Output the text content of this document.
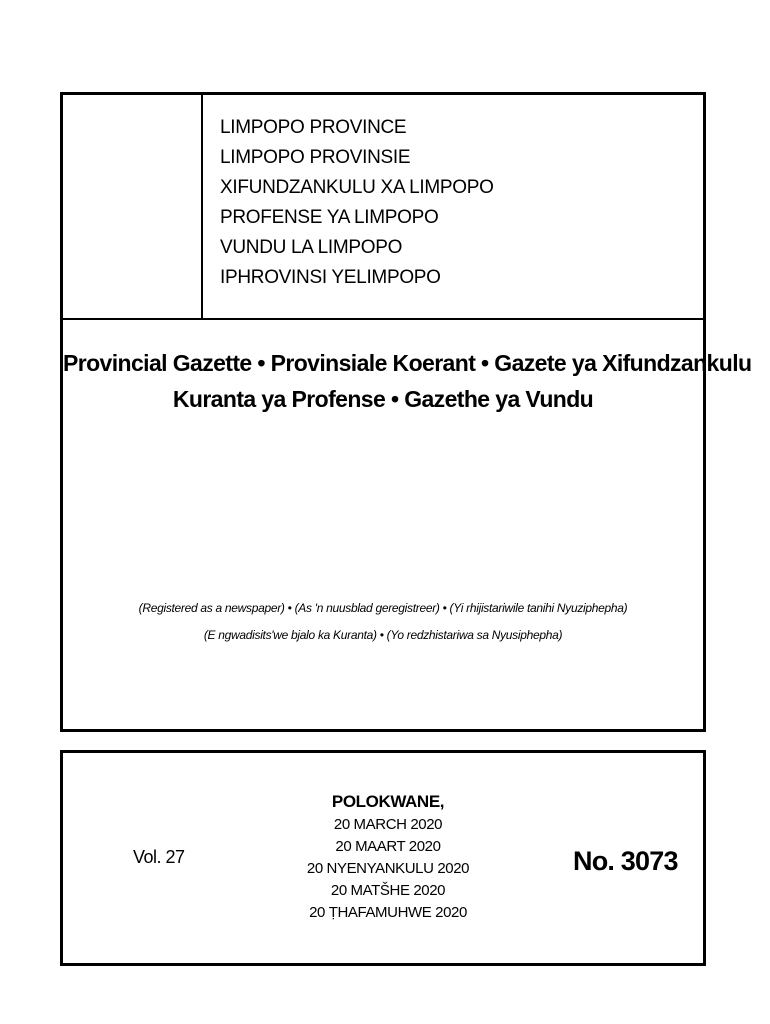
LIMPOPO PROVINCE
LIMPOPO PROVINSIE
XIFUNDZANKULU XA LIMPOPO
PROFENSE YA LIMPOPO
VUNDU LA LIMPOPO
IPHROVINSI YELIMPOPO
Provincial Gazette • Provinsiale Koerant • Gazete ya Xifundzankulu
Kuranta ya Profense • Gazethe ya Vundu
(Registered as a newspaper) • (As 'n nuusblad geregistreer) • (Yi rhijistariwile tanihi Nyuziphepha)
(E ngwadisits'we bjalo ka Kuranta) • (Yo redzhistariwa sa Nyusiphepha)
Vol. 27
POLOKWANE,
20 MARCH 2020
20 MAART 2020
20 NYENYANKULU 2020
20 MATŠHE 2020
20 ṬHAFAMUHWE 2020
No. 3073
